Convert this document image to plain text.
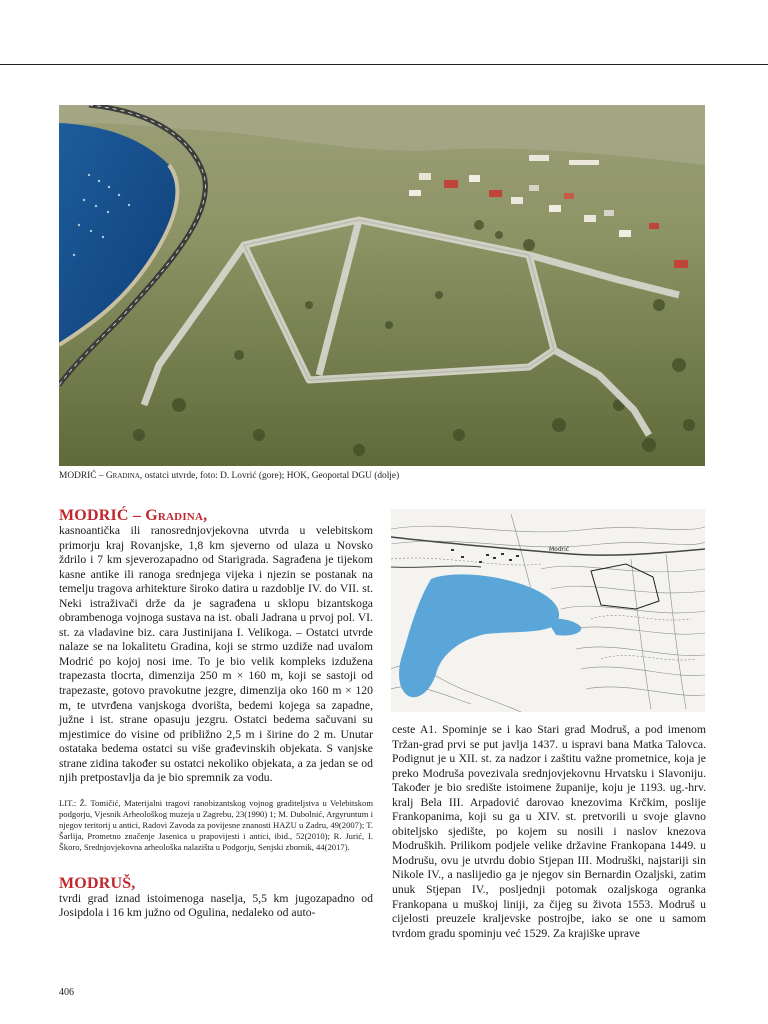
MODRIĆ – Gradina, ostatci utvrde, foto: D. Lovrić (gore); HOK, Geoportal DGU (dolje)
MODRIĆ – Gradina,

kasnoantička ili ranosrednjovjekovna utvrda u velebitskom primorju kraj Rovanjske, 1,8 km sjeverno od ulaza u Novsko ždrilo i 7 km sjeverozapadno od Starigrada. Sagrađena je tijekom kasne antike ili ranoga srednjega vijeka i njezin se postanak na temelju tragova arhitekture široko datira u razdoblje IV. do VII. st. Neki istraživači drže da je sagrađena u sklopu bizantskoga obrambenoga vojnoga sustava na ist. obali Jadrana u prvoj pol. VI. st. za vladavine biz. cara Justinijana I. Velikoga. – Ostatci utvrde nalaze se na lokalitetu Gradina, koji se strmo uzdiže nad uvalom Modrić po kojoj nosi ime. To je bio velik kompleks izdužena trapezasta tlocrta, dimenzija 250 m × 160 m, koji se sastoji od trapezaste, gotovo pravokutne jezgre, dimenzija oko 160 m × 120 m, te utvrđena vanjskoga dvorišta, bedemi kojega sa zapadne, južne i ist. strane opasuju jezgru. Ostatci bedema sačuvani su mjestimice do visine od približno 2,5 m i širine do 2 m. Unutar ostataka bedema ostatci su više građevinskih objekata. S vanjske strane zidina također su ostatci nekoliko objekata, a za jedan se od njih pretpostavlja da je bio spremnik za vodu.

LIT.: Ž. Tomičić, Materijalni tragovi ranobizantskog vojnog graditeljstva u Velebitskom podgorju, Vjesnik Arheološkog muzeja u Zagrebu, 23(1990) 1; M. Dubolnić, Argyruntum i njegov teritorij u antici, Radovi Zavoda za povijesne znanosti HAZU u Zadru, 49(2007); T. Šarlija, Prometno značenje Jasenica u prapovijesti i antici, ibid., 52(2010); R. Jurić, I. Škoro, Srednjovjekovna arheološka nalazišta u Podgorju, Senjski zbornik, 44(2017).

MODRUŠ,

tvrdi grad iznad istoimenoga naselja, 5,5 km jugozapadno od Josipdola i 16 km južno od Ogulina, nedaleko od auto-

Modrić

ceste A1. Spominje se i kao Stari grad Modruš, a pod imenom Tržan-grad prvi se put javlja 1437. u ispravi bana Matka Talovca. Podignut je u XII. st. za nadzor i zaštitu važne prometnice, koja je preko Modruša povezivala srednjovjekovnu Hrvatsku i Slavoniju. Također je bio središte istoimene županije, koju je 1193. ug.-hrv. kralj Bela III. Arpadović darovao knezovima Krčkim, poslije Frankopanima, koji su ga u XIV. st. pretvorili u svoje glavno obiteljsko sjedište, po kojem su nosili i naslov knezova Modruških. Prilikom podjele velike državine Frankopana 1449. u Modrušu, ovu je utvrdu dobio Stjepan III. Modruški, najstariji sin Nikole IV., a naslijedio ga je njegov sin Bernardin Ozaljski, zatim unuk Stjepan IV., posljednji potomak ozaljskoga ogranka Frankopana u muškoj liniji, za čijeg su života 1553. Modruš u cijelosti preuzele kraljevske postrojbe, iako se one u samom tvrdom gradu spominju već 1529. Za krajiške uprave

406
